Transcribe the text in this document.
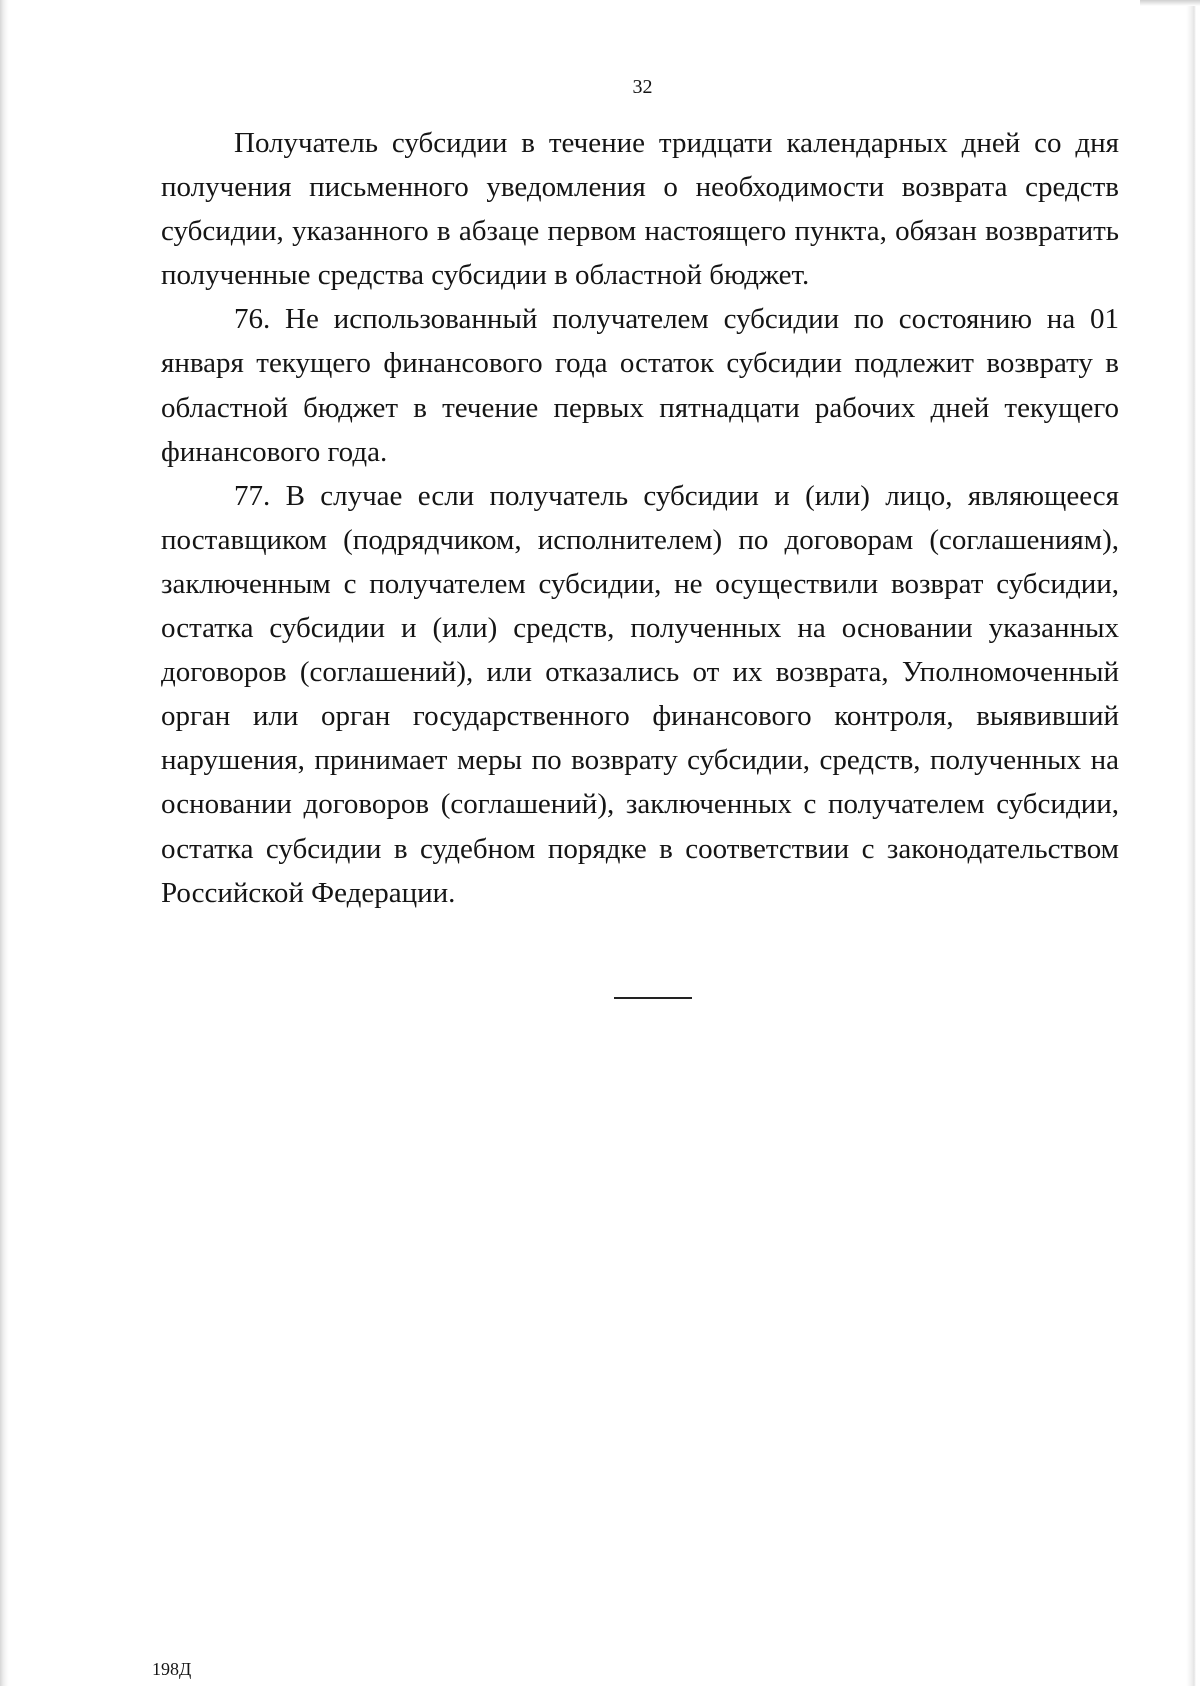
32

Получатель субсидии в течение тридцати календарных дней со дня получения письменного уведомления о необходимости возврата средств субсидии, указанного в абзаце первом настоящего пункта, обязан возвратить полученные средства субсидии в областной бюджет.

76. Не использованный получателем субсидии по состоянию на 01 января текущего финансового года остаток субсидии подлежит возврату в областной бюджет в течение первых пятнадцати рабочих дней текущего финансового года.

77. В случае если получатель субсидии и (или) лицо, являющееся поставщиком (подрядчиком, исполнителем) по договорам (соглашениям), заключенным с получателем субсидии, не осуществили возврат субсидии, остатка субсидии и (или) средств, полученных на основании указанных договоров (соглашений), или отказались от их возврата, Уполномоченный орган или орган государственного финансового контроля, выявивший нарушения, принимает меры по возврату субсидии, средств, полученных на основании договоров (соглашений), заключенных с получателем субсидии, остатка субсидии в судебном порядке в соответствии с законодательством Российской Федерации.

198Д
